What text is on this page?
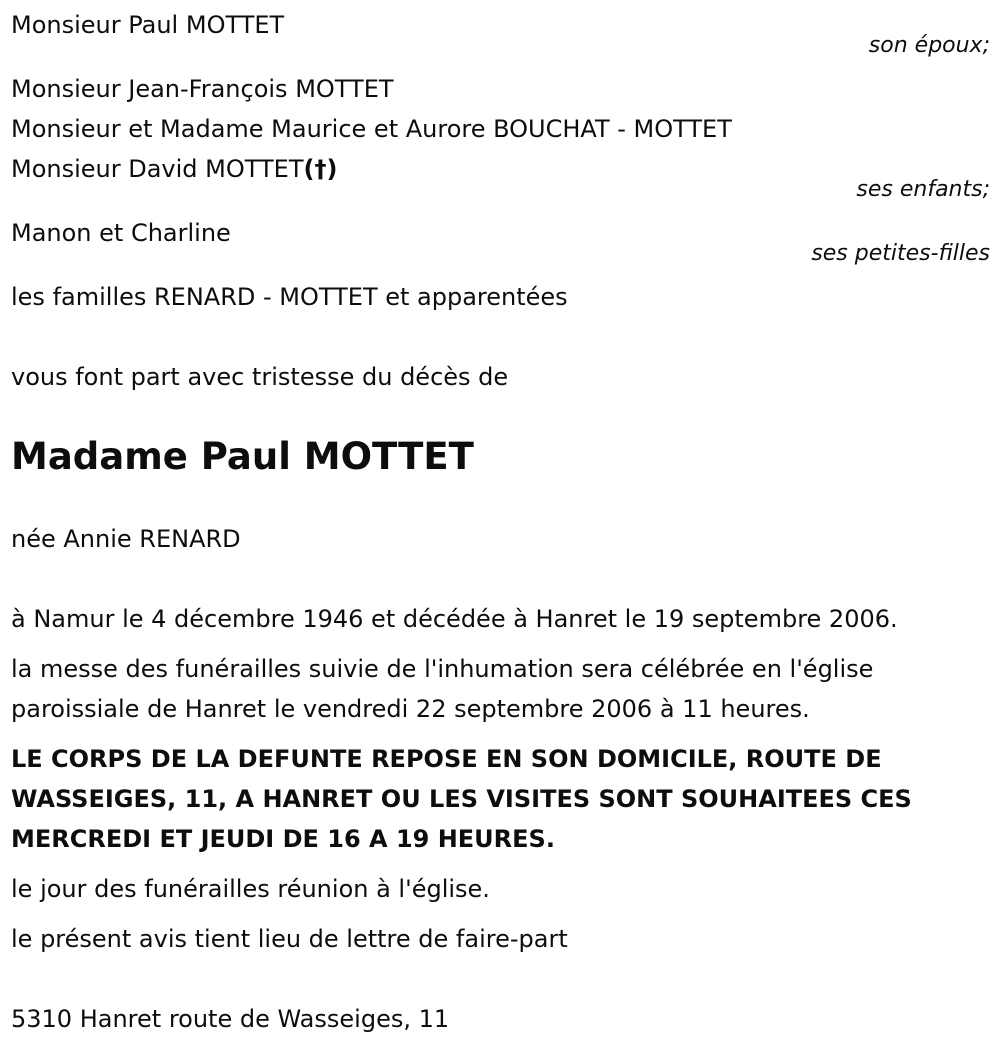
Monsieur Paul MOTTET
son époux;
Monsieur Jean-François MOTTET
Monsieur et Madame Maurice et Aurore BOUCHAT - MOTTET
Monsieur David MOTTET(†)
ses enfants;
Manon et Charline
ses petites-filles
les familles RENARD - MOTTET et apparentées
vous font part avec tristesse du décès de
Madame Paul MOTTET
née Annie RENARD
à Namur le 4 décembre 1946 et décédée à Hanret le 19 septembre 2006.
la messe des funérailles suivie de l'inhumation sera célébrée en l'église
paroissiale de Hanret le vendredi 22 septembre 2006 à 11 heures.
LE CORPS DE LA DEFUNTE REPOSE EN SON DOMICILE, ROUTE DE
WASSEIGES, 11, A HANRET OU LES VISITES SONT SOUHAITEES CES
MERCREDI ET JEUDI DE 16 A 19 HEURES.
le jour des funérailles réunion à l'église.
le présent avis tient lieu de lettre de faire-part
5310 Hanret route de Wasseiges, 11
